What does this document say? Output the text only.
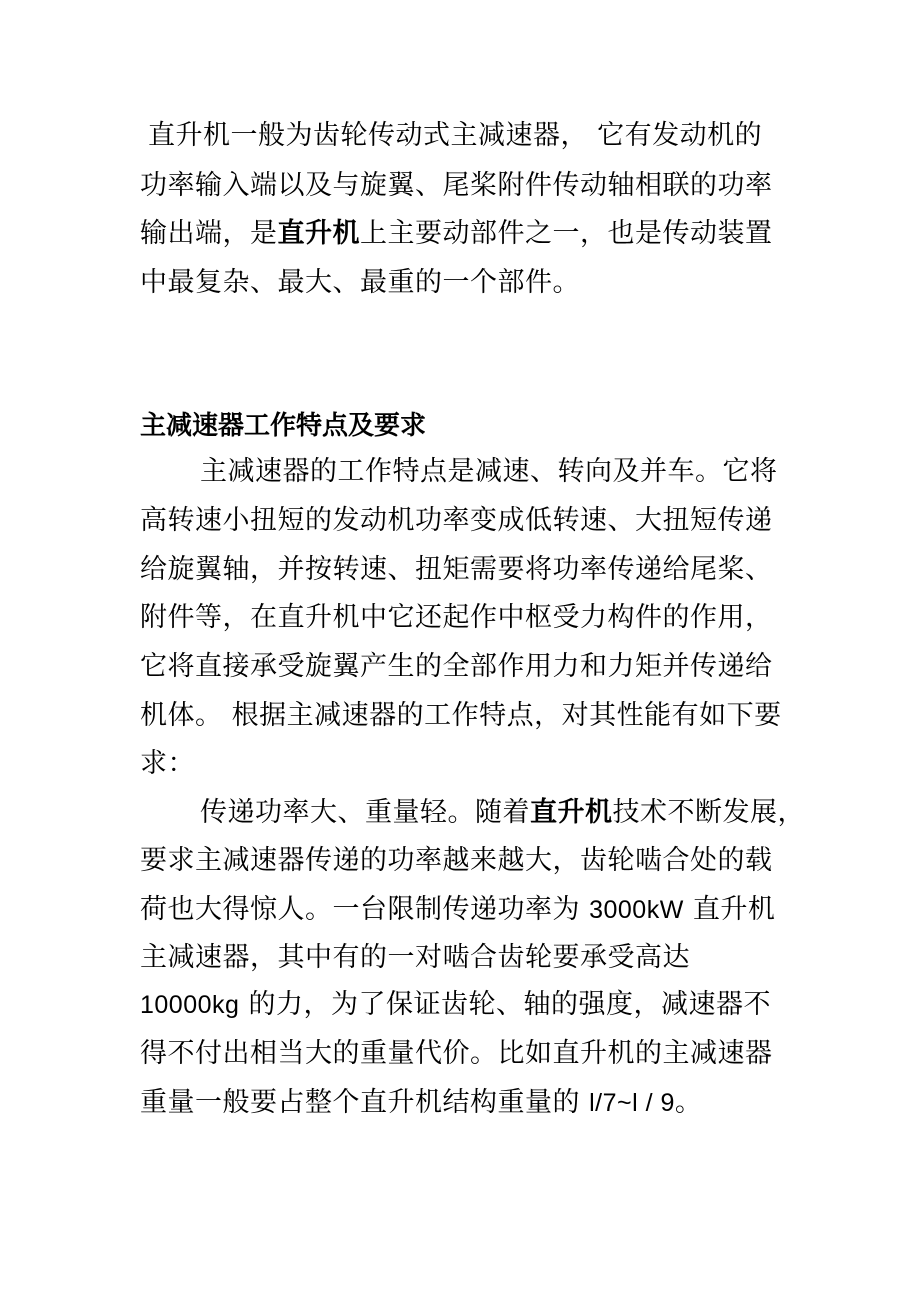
直升机一般为齿轮传动式主减速器， 它有发动机的
功率输入端以及与旋翼、尾桨附件传动轴相联的功率
输出端，是直升机上主要动部件之一，也是传动装置
中最复杂、最大、最重的一个部件。
主减速器工作特点及要求
主减速器的工作特点是减速、转向及并车。它将
高转速小扭短的发动机功率变成低转速、大扭短传递
给旋翼轴，并按转速、扭矩需要将功率传递给尾桨、
附件等，在直升机中它还起作中枢受力构件的作用，
它将直接承受旋翼产生的全部作用力和力矩并传递给
机体。 根据主减速器的工作特点，对其性能有如下要
求：
传递功率大、重量轻。随着直升机技术不断发展，
要求主减速器传递的功率越来越大，齿轮啮合处的载
荷也大得惊人。一台限制传递功率为 3000kW 直升机
主减速器，其中有的一对啮合齿轮要承受高达
10000kg 的力，为了保证齿轮、轴的强度，减速器不
得不付出相当大的重量代价。比如直升机的主减速器
重量一般要占整个直升机结构重量的 l/7~l / 9。
